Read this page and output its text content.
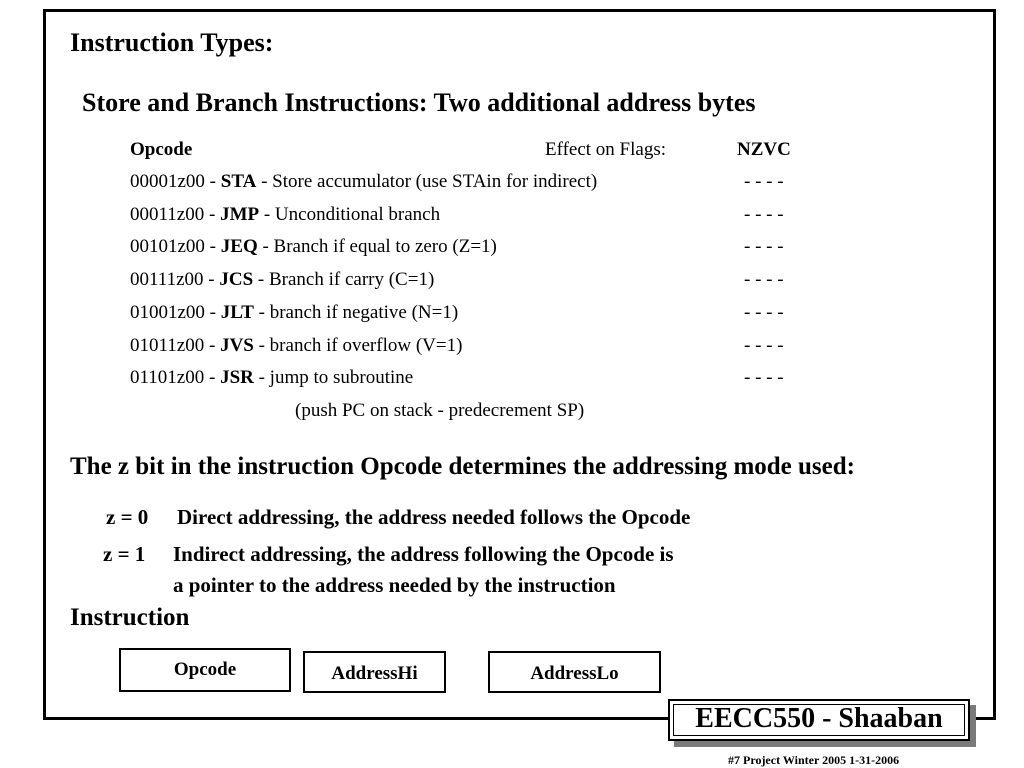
Instruction Types:
Store and Branch Instructions: Two additional address bytes
Opcode	Effect on Flags:	NZVC
00001z00 - STA - Store accumulator (use STAin for indirect)	- - - -
00011z00 - JMP - Unconditional branch	- - - -
00101z00 - JEQ - Branch if equal to zero (Z=1)	- - - -
00111z00 - JCS - Branch if carry (C=1)	- - - -
01001z00 - JLT - branch if negative (N=1)	- - - -
01011z00 - JVS - branch if overflow (V=1)	- - - -
01101z00 - JSR - jump to subroutine	- - - -
(push PC on stack - predecrement SP)
The z bit in the instruction Opcode determines the addressing mode used:
z = 0 Direct addressing, the address needed follows the Opcode
z = 1 Indirect addressing, the address following the Opcode is
a pointer to the address needed by the instruction
Instruction
Opcode	AddressHi	AddressLo
EECC550 - Shaaban
#7 Project Winter 2005 1-31-2006
